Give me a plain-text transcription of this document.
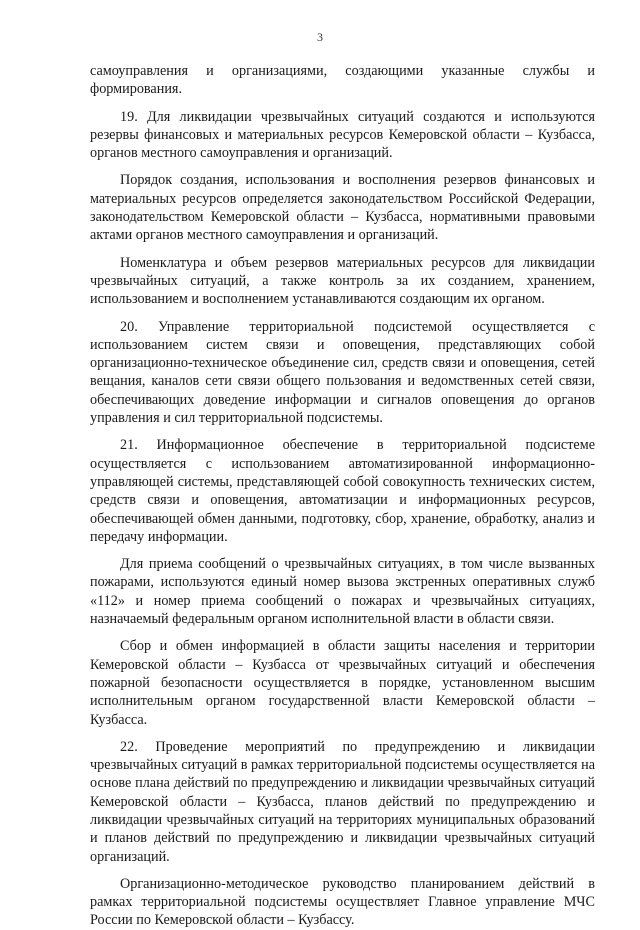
3

самоуправления и организациями, создающими указанные службы и формирования.

19. Для ликвидации чрезвычайных ситуаций создаются и используются резервы финансовых и материальных ресурсов Кемеровской области – Кузбасса, органов местного самоуправления и организаций.

Порядок создания, использования и восполнения резервов финансовых и материальных ресурсов определяется законодательством Российской Федерации, законодательством Кемеровской области – Кузбасса, нормативными правовыми актами органов местного самоуправления и организаций.

Номенклатура и объем резервов материальных ресурсов для ликвидации чрезвычайных ситуаций, а также контроль за их созданием, хранением, использованием и восполнением устанавливаются создающим их органом.

20. Управление территориальной подсистемой осуществляется с использованием систем связи и оповещения, представляющих собой организационно-техническое объединение сил, средств связи и оповещения, сетей вещания, каналов сети связи общего пользования и ведомственных сетей связи, обеспечивающих доведение информации и сигналов оповещения до органов управления и сил территориальной подсистемы.

21. Информационное обеспечение в территориальной подсистеме осуществляется с использованием автоматизированной информационно-управляющей системы, представляющей собой совокупность технических систем, средств связи и оповещения, автоматизации и информационных ресурсов, обеспечивающей обмен данными, подготовку, сбор, хранение, обработку, анализ и передачу информации.

Для приема сообщений о чрезвычайных ситуациях, в том числе вызванных пожарами, используются единый номер вызова экстренных оперативных служб «112» и номер приема сообщений о пожарах и чрезвычайных ситуациях, назначаемый федеральным органом исполнительной власти в области связи.

Сбор и обмен информацией в области защиты населения и территории Кемеровской области – Кузбасса от чрезвычайных ситуаций и обеспечения пожарной безопасности осуществляется в порядке, установленном высшим исполнительным органом государственной власти Кемеровской области – Кузбасса.

22. Проведение мероприятий по предупреждению и ликвидации чрезвычайных ситуаций в рамках территориальной подсистемы осуществляется на основе плана действий по предупреждению и ликвидации чрезвычайных ситуаций Кемеровской области – Кузбасса, планов действий по предупреждению и ликвидации чрезвычайных ситуаций на территориях муниципальных образований и планов действий по предупреждению и ликвидации чрезвычайных ситуаций организаций.

Организационно-методическое руководство планированием действий в рамках территориальной подсистемы осуществляет Главное управление МЧС России по Кемеровской области – Кузбассу.
